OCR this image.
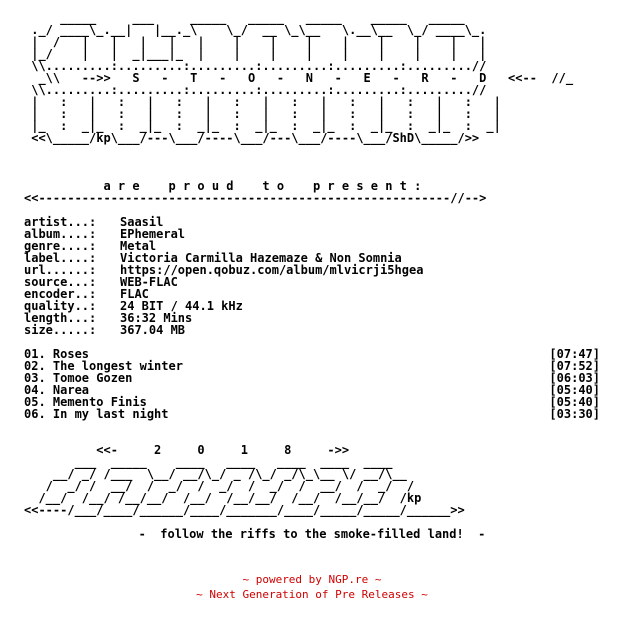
_____     ___     _____   _____   _____    _____   _____
._/ ____\_.__|   |__._\    \_/  __ \_\__   \.__\__  \_/ ____\_.
|  /   |   |   |   |   |    |    |    |    |    |    |    |   |
|_/    |   |  _|___|_  |    |    |    |    |    |    |    |   |
\\.........:.........:.........:.........:.........:.........//
_\\   -->>   S   -   T   -   O   -   N   -   E   -   R   -   D   <<--  //_
\\.........:.........:.........:.........:.........:.........//
|   :   |   :   |   :   |   :   |   :   |   :   |   :   |   :   |
|   :   |   :   |   :   |   :   |   :   |   :   |   :   |   :   |
|_  :  _|_  :  _|_  :  _|_  :  _|_  :  _|_  :  _|_  :  _|_  :  _|
<<\_____/kp\___/---\___/----\___/---\___/----\___/ShD\_____/>>

a r e    p r o u d    t o    p r e s e n t :
<<---------------------------------------------------------//-->
artist...: Saasil
album....: EPhemeral
genre....: Metal
label....: Victoria Carmilla Hazemaze & Non Somnia
url......: https://open.qobuz.com/album/mlvicrji5hgea
source...: WEB-FLAC
encoder..: FLAC
quality..: 24 BIT / 44.1 kHz
length...: 36:32 Mins
size.....: 367.04 MB
01. Roses	[07:47]
02. The longest winter	[07:52]
03. Tomoe Gozen	[06:03]
04. Narea	[05:40]
05. Memento Finis	[05:40]
06. In my last night	[03:30]
<<-     2     0     1     8     ->>
___  _____    ____   ____   ____  ____  ____
__/ _/ /___  \__/ __/\_/ _ /\_/ _/\_\__ \/ __/\__
/  _/ /  __/  /  _/  /  _/  /  _/  /  __/  /  _/  /
/__/  /__/ /__/__/  /__/  /__/__/  /__/  /__/__/  /kp
<<----/___/____/______/____/_______/____/_____/_____/______>>

-  follow the riffs to the smoke-filled land!  -
~ powered by NGP.re ~
~ Next Generation of Pre Releases ~
